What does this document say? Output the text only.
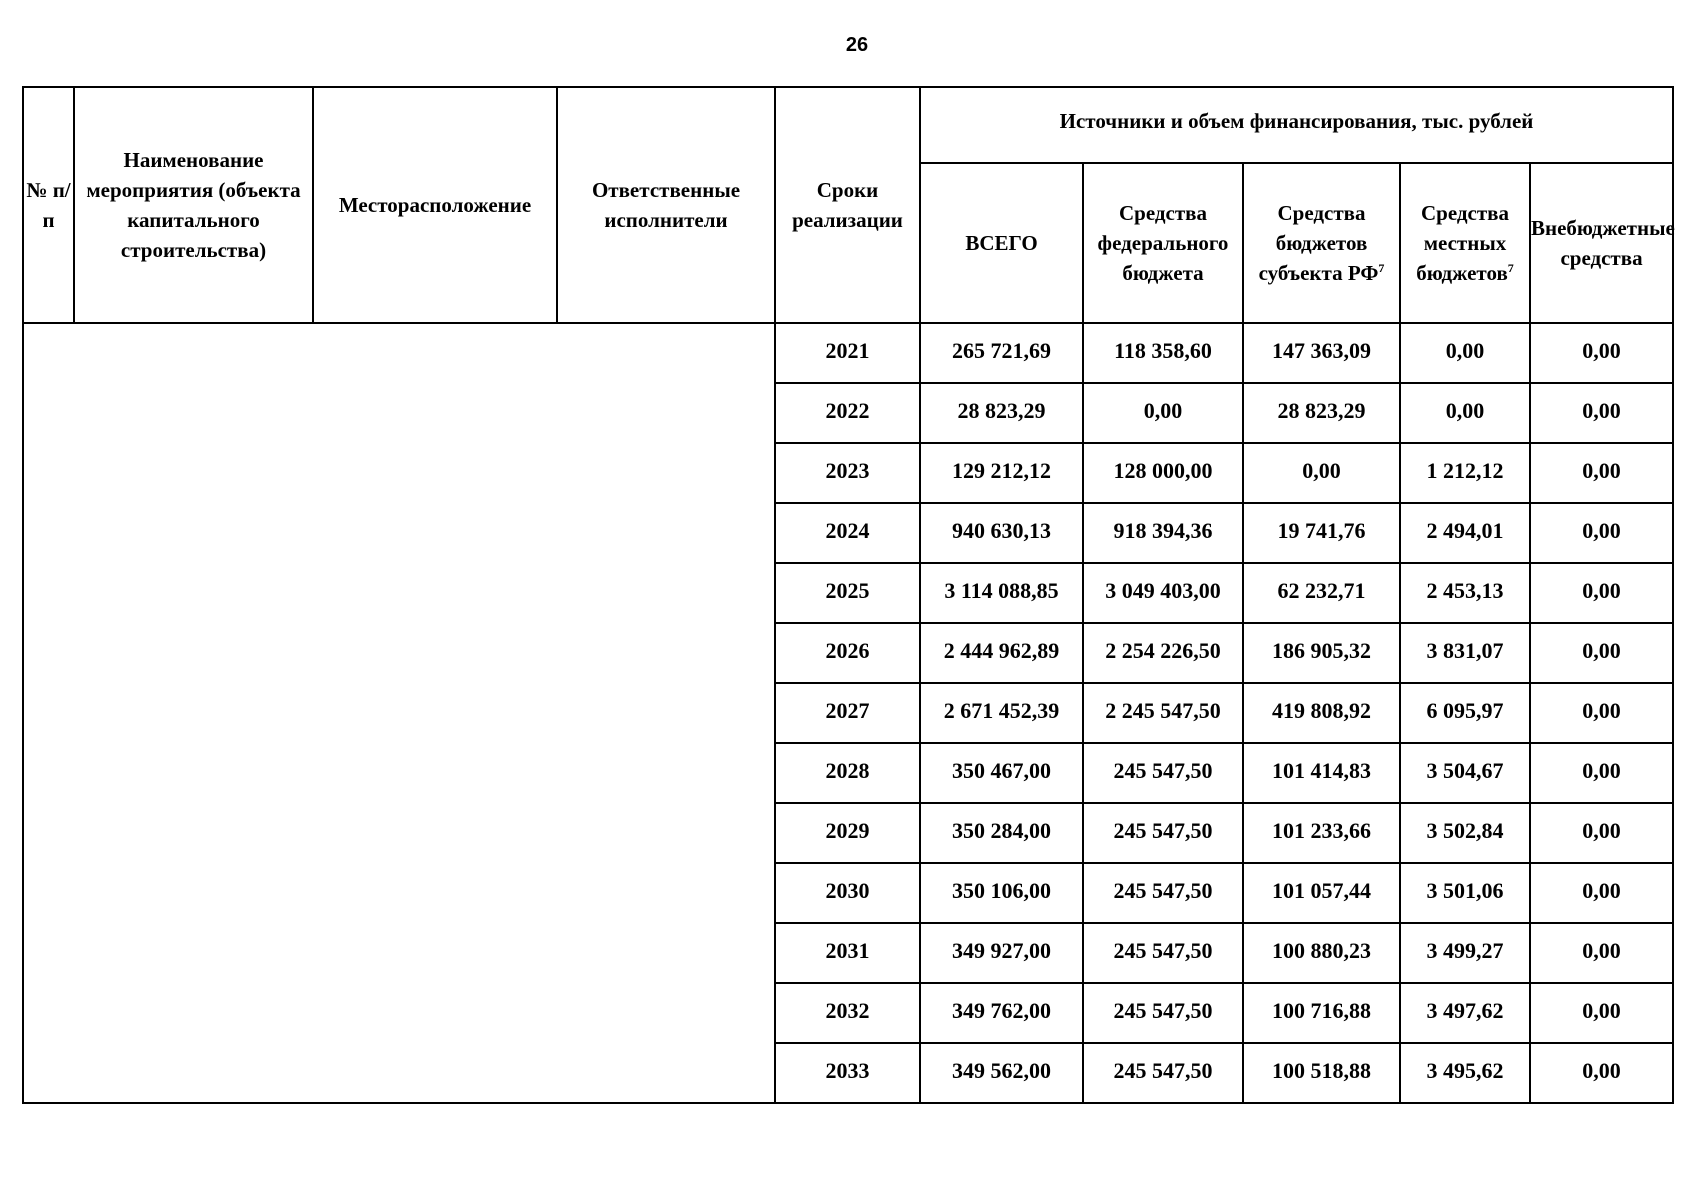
26
№ п/п	Наименование мероприятия (объекта капитального строительства)	Месторасположение	Ответственные исполнители	Сроки реализации	Источники и объем финансирования, тыс. рублей				
					ВСЕГО	Средства федерального бюджета	Средства бюджетов субъекта $РФ^7$	Средства местных бюджетов$^7$	Внебюджетные средства
				2021	265 721,69	118 358,60	147 363,09	0,00	0,00
				2022	28 823,29	0,00	28 823,29	0,00	0,00
				2023	129 212,12	128 000,00	0,00	1 212,12	0,00
				2024	940 630,13	918 394,36	19 741,76	2 494,01	0,00
				2025	3 114 088,85	3 049 403,00	62 232,71	2 453,13	0,00
				2026	2 444 962,89	2 254 226,50	186 905,32	3 831,07	0,00
				2027	2 671 452,39	2 245 547,50	419 808,92	6 095,97	0,00
				2028	350 467,00	245 547,50	101 414,83	3 504,67	0,00
				2029	350 284,00	245 547,50	101 233,66	3 502,84	0,00
				2030	350 106,00	245 547,50	101 057,44	3 501,06	0,00
				2031	349 927,00	245 547,50	100 880,23	3 499,27	0,00
				2032	349 762,00	245 547,50	100 716,88	3 497,62	0,00
				2033	349 562,00	245 547,50	100 518,88	3 495,62	0,00
